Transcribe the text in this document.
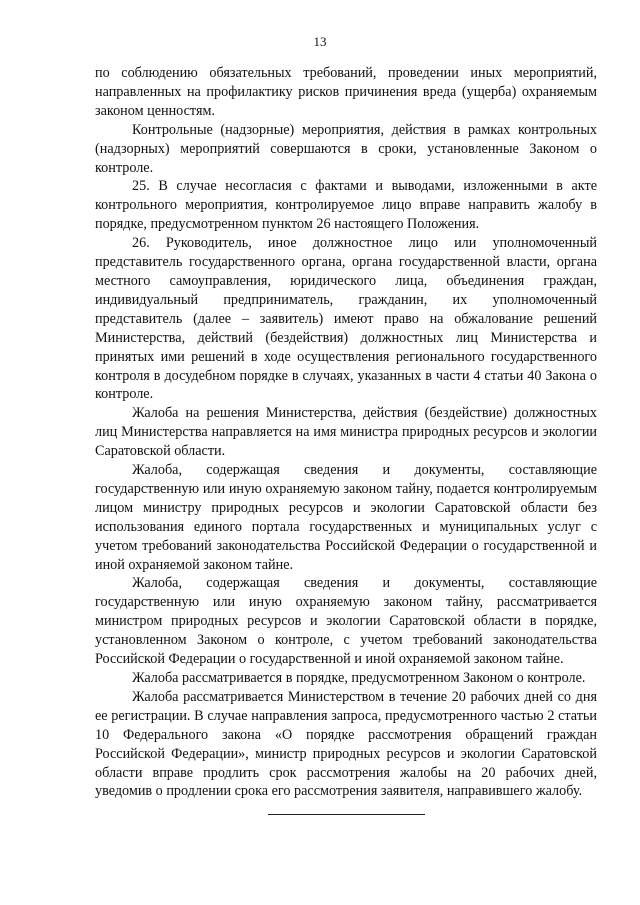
13

по соблюдению обязательных требований, проведении иных мероприятий, направленных на профилактику рисков причинения вреда (ущерба) охраняемым законом ценностям.

Контрольные (надзорные) мероприятия, действия в рамках контрольных (надзорных) мероприятий совершаются в сроки, установленные Законом о контроле.

25. В случае несогласия с фактами и выводами, изложенными в акте контрольного мероприятия, контролируемое лицо вправе направить жалобу в порядке, предусмотренном пунктом 26 настоящего Положения.

26. Руководитель, иное должностное лицо или уполномоченный представитель государственного органа, органа государственной власти, органа местного самоуправления, юридического лица, объединения граждан, индивидуальный предприниматель, гражданин, их уполномоченный представитель (далее – заявитель) имеют право на обжалование решений Министерства, действий (бездействия) должностных лиц Министерства и принятых ими решений в ходе осуществления регионального государственного контроля в досудебном порядке в случаях, указанных в части 4 статьи 40 Закона о контроле.

Жалоба на решения Министерства, действия (бездействие) должностных лиц Министерства направляется на имя министра природных ресурсов и экологии Саратовской области.

Жалоба, содержащая сведения и документы, составляющие государственную или иную охраняемую законом тайну, подается контролируемым лицом министру природных ресурсов и экологии Саратовской области без использования единого портала государственных и муниципальных услуг с учетом требований законодательства Российской Федерации о государственной и иной охраняемой законом тайне.

Жалоба, содержащая сведения и документы, составляющие государственную или иную охраняемую законом тайну, рассматривается министром природных ресурсов и экологии Саратовской области в порядке, установленном Законом о контроле, с учетом требований законодательства Российской Федерации о государственной и иной охраняемой законом тайне.

Жалоба рассматривается в порядке, предусмотренном Законом о контроле.

Жалоба рассматривается Министерством в течение 20 рабочих дней со дня ее регистрации. В случае направления запроса, предусмотренного частью 2 статьи 10 Федерального закона «О порядке рассмотрения обращений граждан Российской Федерации», министр природных ресурсов и экологии Саратовской области вправе продлить срок рассмотрения жалобы на 20 рабочих дней, уведомив о продлении срока его рассмотрения заявителя, направившего жалобу.
